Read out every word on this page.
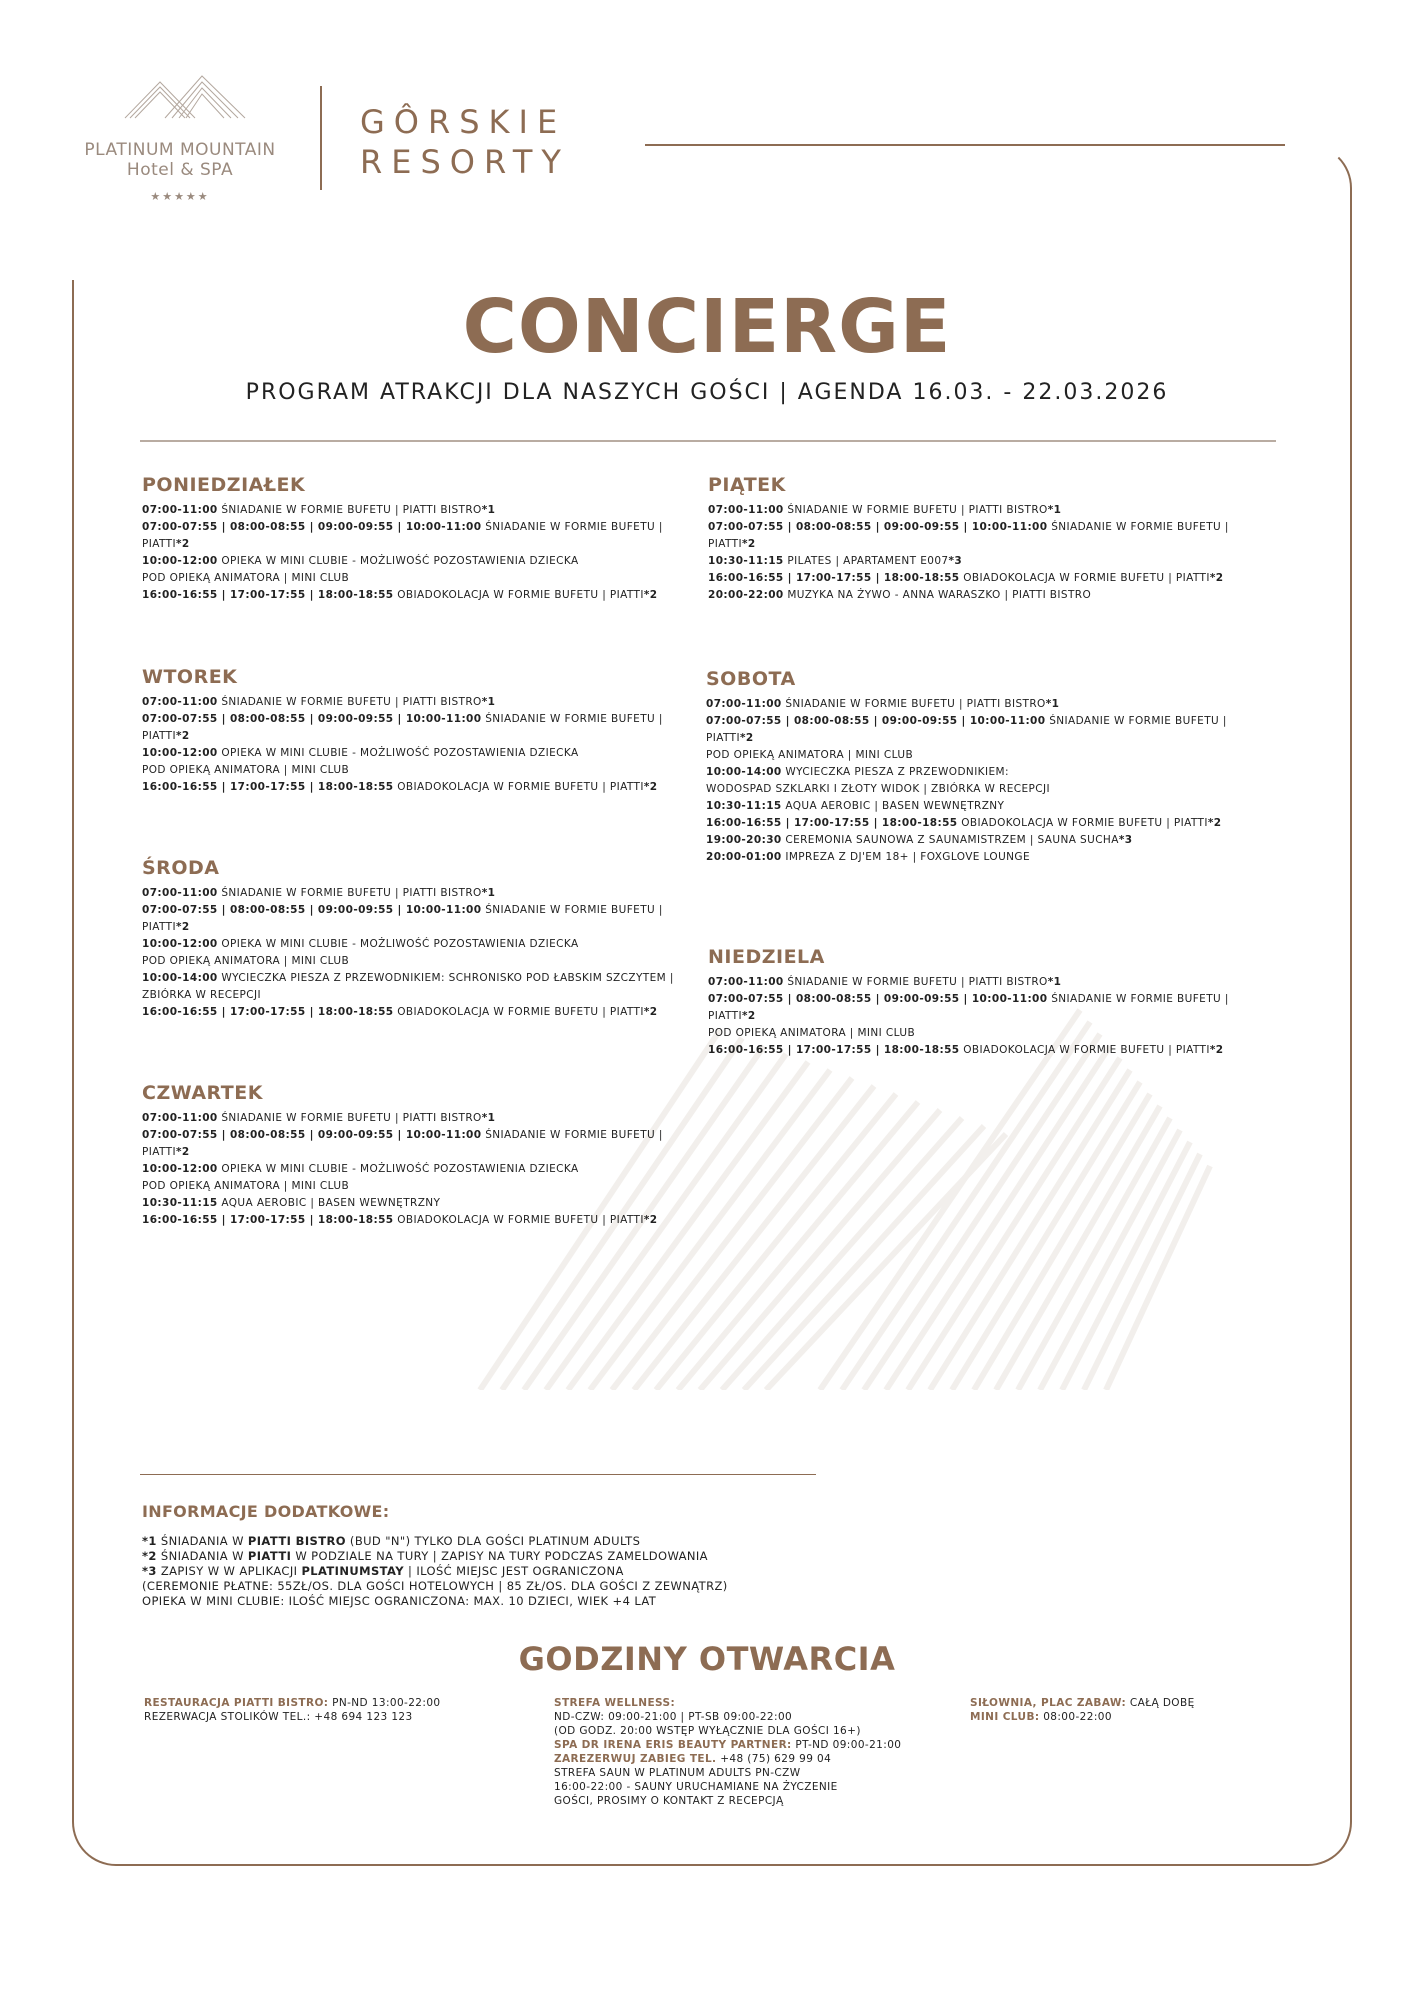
PLATINUM MOUNTAIN
Hotel & SPA
★★★★★
GÔRSKIE
RESORTY
CONCIERGE
PROGRAM ATRAKCJI DLA NASZYCH GOŚCI | AGENDA 16.03. - 22.03.2026
PONIEDZIAŁEK
07:00-11:00 ŚNIADANIE W FORMIE BUFETU | PIATTI BISTRO*1
07:00-07:55 | 08:00-08:55 | 09:00-09:55 | 10:00-11:00 ŚNIADANIE W FORMIE BUFETU |
PIATTI*2
10:00-12:00 OPIEKA W MINI CLUBIE - MOŻLIWOŚĆ POZOSTAWIENIA DZIECKA
POD OPIEKĄ ANIMATORA | MINI CLUB
16:00-16:55 | 17:00-17:55 | 18:00-18:55 OBIADOKOLACJA W FORMIE BUFETU | PIATTI*2
WTOREK
07:00-11:00 ŚNIADANIE W FORMIE BUFETU | PIATTI BISTRO*1
07:00-07:55 | 08:00-08:55 | 09:00-09:55 | 10:00-11:00 ŚNIADANIE W FORMIE BUFETU |
PIATTI*2
10:00-12:00 OPIEKA W MINI CLUBIE - MOŻLIWOŚĆ POZOSTAWIENIA DZIECKA
POD OPIEKĄ ANIMATORA | MINI CLUB
16:00-16:55 | 17:00-17:55 | 18:00-18:55 OBIADOKOLACJA W FORMIE BUFETU | PIATTI*2
ŚRODA
07:00-11:00 ŚNIADANIE W FORMIE BUFETU | PIATTI BISTRO*1
07:00-07:55 | 08:00-08:55 | 09:00-09:55 | 10:00-11:00 ŚNIADANIE W FORMIE BUFETU |
PIATTI*2
10:00-12:00 OPIEKA W MINI CLUBIE - MOŻLIWOŚĆ POZOSTAWIENIA DZIECKA
POD OPIEKĄ ANIMATORA | MINI CLUB
10:00-14:00 WYCIECZKA PIESZA Z PRZEWODNIKIEM: SCHRONISKO POD ŁABSKIM SZCZYTEM |
ZBIÓRKA W RECEPCJI
16:00-16:55 | 17:00-17:55 | 18:00-18:55 OBIADOKOLACJA W FORMIE BUFETU | PIATTI*2
CZWARTEK
07:00-11:00 ŚNIADANIE W FORMIE BUFETU | PIATTI BISTRO*1
07:00-07:55 | 08:00-08:55 | 09:00-09:55 | 10:00-11:00 ŚNIADANIE W FORMIE BUFETU |
PIATTI*2
10:00-12:00 OPIEKA W MINI CLUBIE - MOŻLIWOŚĆ POZOSTAWIENIA DZIECKA
POD OPIEKĄ ANIMATORA | MINI CLUB
10:30-11:15 AQUA AEROBIC | BASEN WEWNĘTRZNY
16:00-16:55 | 17:00-17:55 | 18:00-18:55 OBIADOKOLACJA W FORMIE BUFETU | PIATTI*2
PIĄTEK
07:00-11:00 ŚNIADANIE W FORMIE BUFETU | PIATTI BISTRO*1
07:00-07:55 | 08:00-08:55 | 09:00-09:55 | 10:00-11:00 ŚNIADANIE W FORMIE BUFETU |
PIATTI*2
10:30-11:15 PILATES | APARTAMENT E007*3
16:00-16:55 | 17:00-17:55 | 18:00-18:55 OBIADOKOLACJA W FORMIE BUFETU | PIATTI*2
20:00-22:00 MUZYKA NA ŻYWO - ANNA WARASZKO | PIATTI BISTRO
SOBOTA
07:00-11:00 ŚNIADANIE W FORMIE BUFETU | PIATTI BISTRO*1
07:00-07:55 | 08:00-08:55 | 09:00-09:55 | 10:00-11:00 ŚNIADANIE W FORMIE BUFETU |
PIATTI*2
POD OPIEKĄ ANIMATORA | MINI CLUB
10:00-14:00 WYCIECZKA PIESZA Z PRZEWODNIKIEM:
WODOSPAD SZKLARKI I ZŁOTY WIDOK | ZBIÓRKA W RECEPCJI
10:30-11:15 AQUA AEROBIC | BASEN WEWNĘTRZNY
16:00-16:55 | 17:00-17:55 | 18:00-18:55 OBIADOKOLACJA W FORMIE BUFETU | PIATTI*2
19:00-20:30 CEREMONIA SAUNOWA Z SAUNAMISTRZEM | SAUNA SUCHA*3
20:00-01:00 IMPREZA Z DJ'EM 18+ | FOXGLOVE LOUNGE
NIEDZIELA
07:00-11:00 ŚNIADANIE W FORMIE BUFETU | PIATTI BISTRO*1
07:00-07:55 | 08:00-08:55 | 09:00-09:55 | 10:00-11:00 ŚNIADANIE W FORMIE BUFETU |
PIATTI*2
POD OPIEKĄ ANIMATORA | MINI CLUB
16:00-16:55 | 17:00-17:55 | 18:00-18:55 OBIADOKOLACJA W FORMIE BUFETU | PIATTI*2
INFORMACJE DODATKOWE:
*1 ŚNIADANIA W PIATTI BISTRO (BUD "N") TYLKO DLA GOŚCI PLATINUM ADULTS
*2 ŚNIADANIA W PIATTI W PODZIALE NA TURY | ZAPISY NA TURY PODCZAS ZAMELDOWANIA
*3 ZAPISY W W APLIKACJI PLATINUMSTAY | ILOŚĆ MIEJSC JEST OGRANICZONA
(CEREMONIE PŁATNE: 55ZŁ/OS. DLA GOŚCI HOTELOWYCH | 85 ZŁ/OS. DLA GOŚCI Z ZEWNĄTRZ)
OPIEKA W MINI CLUBIE: ILOŚĆ MIEJSC OGRANICZONA: MAX. 10 DZIECI, WIEK +4 LAT
GODZINY OTWARCIA
RESTAURACJA PIATTI BISTRO: PN-ND 13:00-22:00
REZERWACJA STOLIKÓW TEL.: +48 694 123 123
STREFA WELLNESS:
ND-CZW: 09:00-21:00 | PT-SB 09:00-22:00
(OD GODZ. 20:00 WSTĘP WYŁĄCZNIE DLA GOŚCI 16+)
SPA DR IRENA ERIS BEAUTY PARTNER: PT-ND 09:00-21:00
ZAREZERWUJ ZABIEG TEL. +48 (75) 629 99 04
STREFA SAUN W PLATINUM ADULTS PN-CZW
16:00-22:00 - SAUNY URUCHAMIANE NA ŻYCZENIE
GOŚCI, PROSIMY O KONTAKT Z RECEPCJĄ
SIŁOWNIA, PLAC ZABAW: CAŁĄ DOBĘ
MINI CLUB: 08:00-22:00
